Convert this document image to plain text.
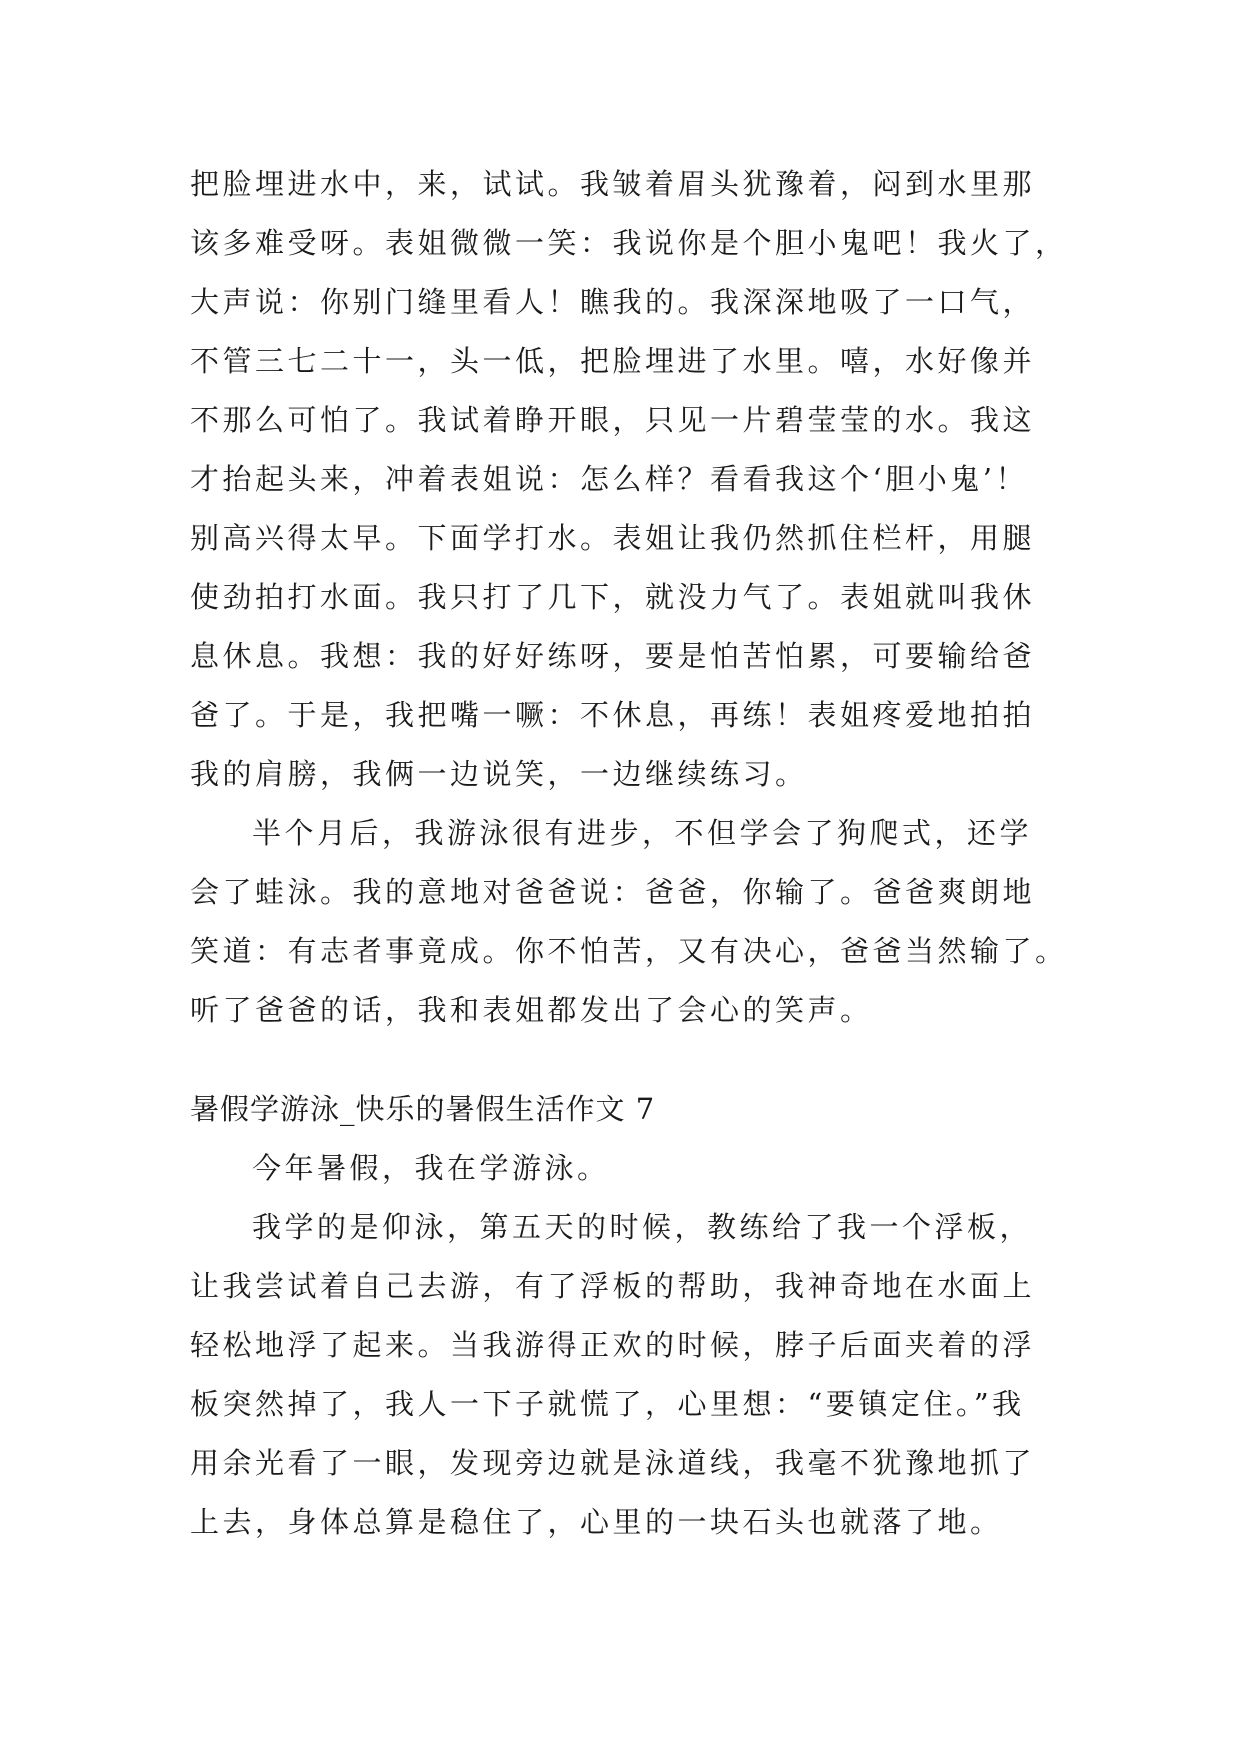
把脸埋进水中，来，试试。我皱着眉头犹豫着，闷到水里那
该多难受呀。表姐微微一笑：我说你是个胆小鬼吧！我火了，
大声说：你别门缝里看人！瞧我的。我深深地吸了一口气，
不管三七二十一，头一低，把脸埋进了水里。嘻，水好像并
不那么可怕了。我试着睁开眼，只见一片碧莹莹的水。我这
才抬起头来，冲着表姐说：怎么样？看看我这个‘胆小鬼’！
别高兴得太早。下面学打水。表姐让我仍然抓住栏杆，用腿
使劲拍打水面。我只打了几下，就没力气了。表姐就叫我休
息休息。我想：我的好好练呀，要是怕苦怕累，可要输给爸
爸了。于是，我把嘴一噘：不休息，再练！表姐疼爱地拍拍
我的肩膀，我俩一边说笑，一边继续练习。
半个月后，我游泳很有进步，不但学会了狗爬式，还学
会了蛙泳。我的意地对爸爸说：爸爸，你输了。爸爸爽朗地
笑道：有志者事竟成。你不怕苦，又有决心，爸爸当然输了。
听了爸爸的话，我和表姐都发出了会心的笑声。
暑假学游泳_快乐的暑假生活作文 7
今年暑假，我在学游泳。
我学的是仰泳，第五天的时候，教练给了我一个浮板，
让我尝试着自己去游，有了浮板的帮助，我神奇地在水面上
轻松地浮了起来。当我游得正欢的时候，脖子后面夹着的浮
板突然掉了，我人一下子就慌了，心里想：“要镇定住。”我
用余光看了一眼，发现旁边就是泳道线，我毫不犹豫地抓了
上去，身体总算是稳住了，心里的一块石头也就落了地。
